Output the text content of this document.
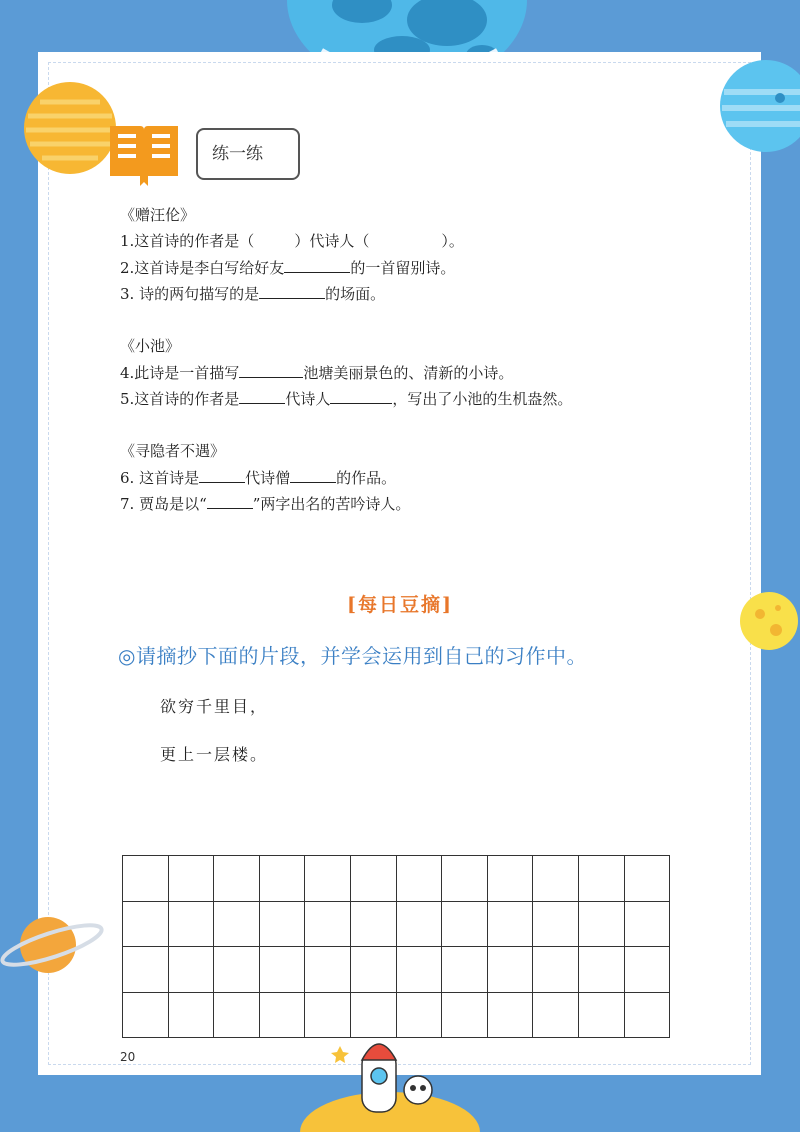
练一练
《赠汪伦》
1.这首诗的作者是（	）代诗人（	）。
2.这首诗是李白写给好友	的一首留别诗。
3. 诗的两句描写的是	的场面。
《小池》
4.此诗是一首描写	池塘美丽景色的、清新的小诗。
5.这首诗的作者是	代诗人	，写出了小池的生机盎然。
《寻隐者不遇》
6. 这首诗是	代诗僧	的作品。
7. 贾岛是以“	”两字出名的苦吟诗人。
[每日豆摘]
◎请摘抄下面的片段，并学会运用到自己的习作中。
欲穷千里目，
更上一层楼。

20
